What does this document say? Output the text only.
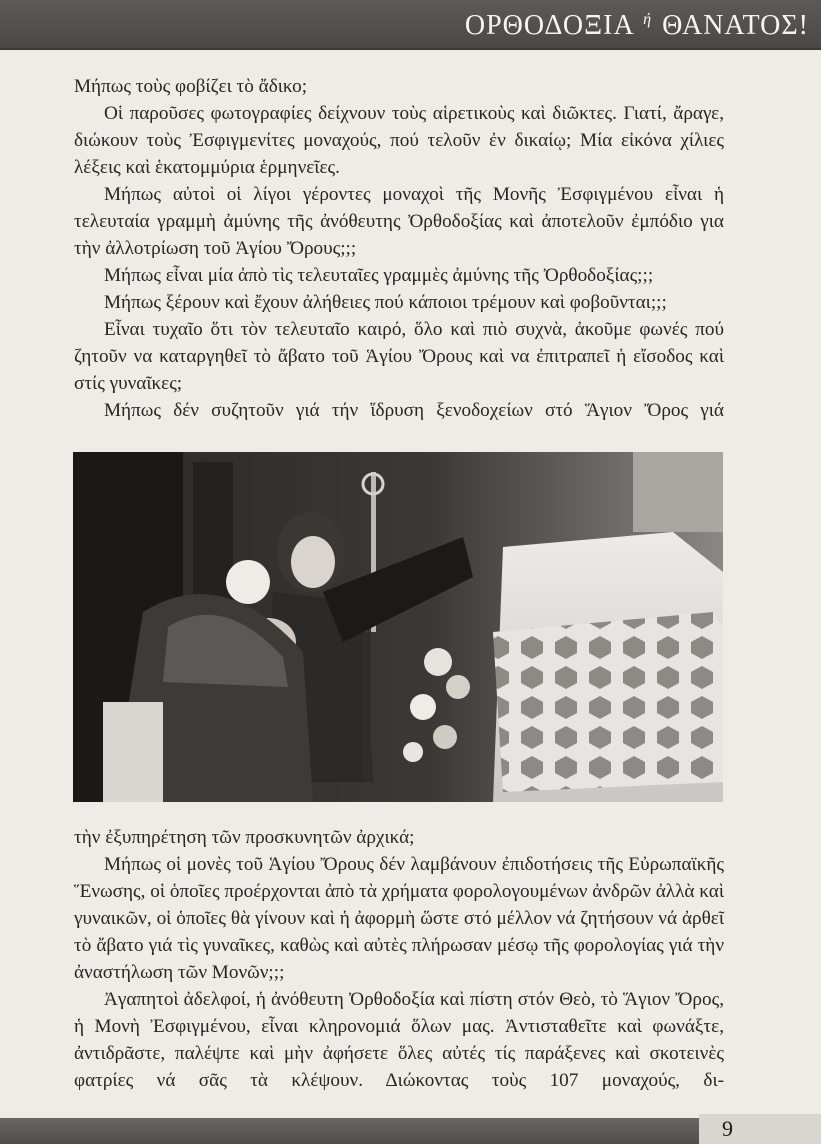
ΟΡΘΟΔΟΞΙΑ $^ή$ ΘΑΝΑΤΟΣ!

Μήπως τοὺς φοβίζει τὸ ἄδικο;

Οἱ παροῦσες φωτογραφίες δείχνουν τοὺς αἱρετικοὺς καὶ διῶκτες. Γιατί, ἄραγε, διώκουν τοὺς Ἐσφιγμενίτες μοναχούς, πού τελοῦν ἐν δικαίῳ; Μία εἰκόνα χίλιες λέξεις καὶ ἑκατομμύρια ἑρμηνεῖες.

Μήπως αὐτοὶ οἱ λίγοι γέροντες μοναχοὶ τῆς Μονῆς Ἐσφιγμένου εἶναι ἡ τελευταία γραμμὴ ἀμύνης τῆς ἀνόθευτης Ὀρθοδοξίας καὶ ἀποτελοῦν ἐμπόδιο για τὴν ἀλλοτρίωση τοῦ Ἁγίου Ὄρους;;;

Μήπως εἶναι μία ἀπὸ τὶς τελευταῖες γραμμὲς ἀμύνης τῆς Ὀρθοδοξίας;;;

Μήπως ξέρουν καὶ ἔχουν ἀλήθειες πού κάποιοι τρέμουν καὶ φοβοῦνται;;;

Εἶναι τυχαῖο ὅτι τὸν τελευταῖο καιρό, ὅλο καὶ πιὸ συχνὰ, ἀκοῦμε φωνές πού ζητοῦν να καταργηθεῖ τὸ ἄβατο τοῦ Ἁγίου Ὄρους καὶ να ἐπιτραπεῖ ἡ εἴσοδος καὶ στίς γυναῖκες;

Μήπως δέν συζητοῦν γιά τήν ἵδρυση ξενοδοχείων στό Ἅγιον Ὄρος γιά

τὴν ἐξυπηρέτηση τῶν προσκυνητῶν ἀρχικά;

Μήπως οἱ μονὲς τοῦ Ἁγίου Ὄρους δέν λαμβάνουν ἐπιδοτήσεις τῆς Εὐρωπαϊκῆς Ἕνωσης, οἱ ὁποῖες προέρχονται ἀπὸ τὰ χρήματα φορολογουμένων ἀνδρῶν ἀλλὰ καὶ γυναικῶν, οἱ ὁποῖες θὰ γίνουν καὶ ἡ ἀφορμὴ ὥστε στό μέλλον νά ζητήσουν νά ἀρθεῖ τὸ ἄβατο γιά τὶς γυναῖκες, καθὼς καὶ αὐτὲς πλήρωσαν μέσῳ τῆς φορολογίας γιά τὴν ἀναστήλωση τῶν Μονῶν;;;

Ἀγαπητοὶ ἀδελφοί, ἡ ἀνόθευτη Ὀρθοδοξία καὶ πίστη στόν Θεὸ, τὸ Ἅγιον Ὄρος, ἡ Μονὴ Ἐσφιγμένου, εἶναι κληρονομιά ὅλων μας. Ἀντισταθεῖτε καὶ φωνάξτε, ἀντιδρᾶστε, παλέψτε καὶ μὴν ἀφήσετε ὅλες αὐτές τίς παράξενες καὶ σκοτεινὲς φατρίες νά σᾶς τὰ κλέψουν. Διώκοντας τοὺς 107 μοναχούς, δι-

9
